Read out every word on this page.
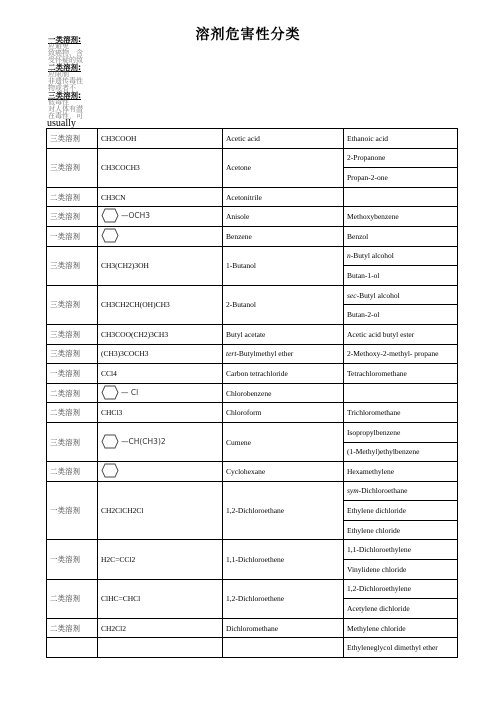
溶剂危害性分类
一类溶剂:
应避免
致癌物、含
受怀疑的致
二类溶剂:
应限制
非遗传毒性
物或者不
三类溶剂:
低毒性
对人体有潜
在毒性，可
usually
三类溶剂	CH3COOH	Acetic acid	Ethanoic acid
三类溶剂	CH3COCH3	Acetone	2-Propanone
			Propan-2-one
二类溶剂	CH3CN	Acetonitrile	
三类溶剂	—OCH3	Anisole	Methoxybenzene
一类溶剂		Benzene	Benzol
三类溶剂	CH3(CH2)3OH	1-Butanol	n-Butyl alcohol
			Butan-1-ol
三类溶剂	CH3CH2CH(OH)CH3	2-Butanol	sec-Butyl alcohol
			Butan-2-ol
三类溶剂	CH3COO(CH2)3CH3	Butyl acetate	Acetic acid butyl ester
三类溶剂	(CH3)3COCH3	tert-Butylmethyl ether	2-Methoxy-2-methyl- propane
一类溶剂	CCl4	Carbon tetrachloride	Tetrachloromethane
二类溶剂	— Cl	Chlorobenzene	
二类溶剂	CHCl3	Chloroform	Trichloromethane
三类溶剂	—CH(CH3)2	Cumene	Isopropylbenzene
			(1-Methyl)ethylbenzene
二类溶剂		Cyclohexane	Hexamethylene
一类溶剂	CH2ClCH2Cl	1,2-Dichloroethane	sym-Dichloroethane
			Ethylene dichloride
			Ethylene chloride
一类溶剂	H2C=CCl2	1,1-Dichloroethene	1,1-Dichloroethylene
			Vinylidene chloride
二类溶剂	ClHC=CHCl	1,2-Dichloroethene	1,2-Dichloroethylene
			Acetylene dichloride
二类溶剂	CH2Cl2	Dichloromethane	Methylene chloride
			Ethyleneglycol dimethyl ether
